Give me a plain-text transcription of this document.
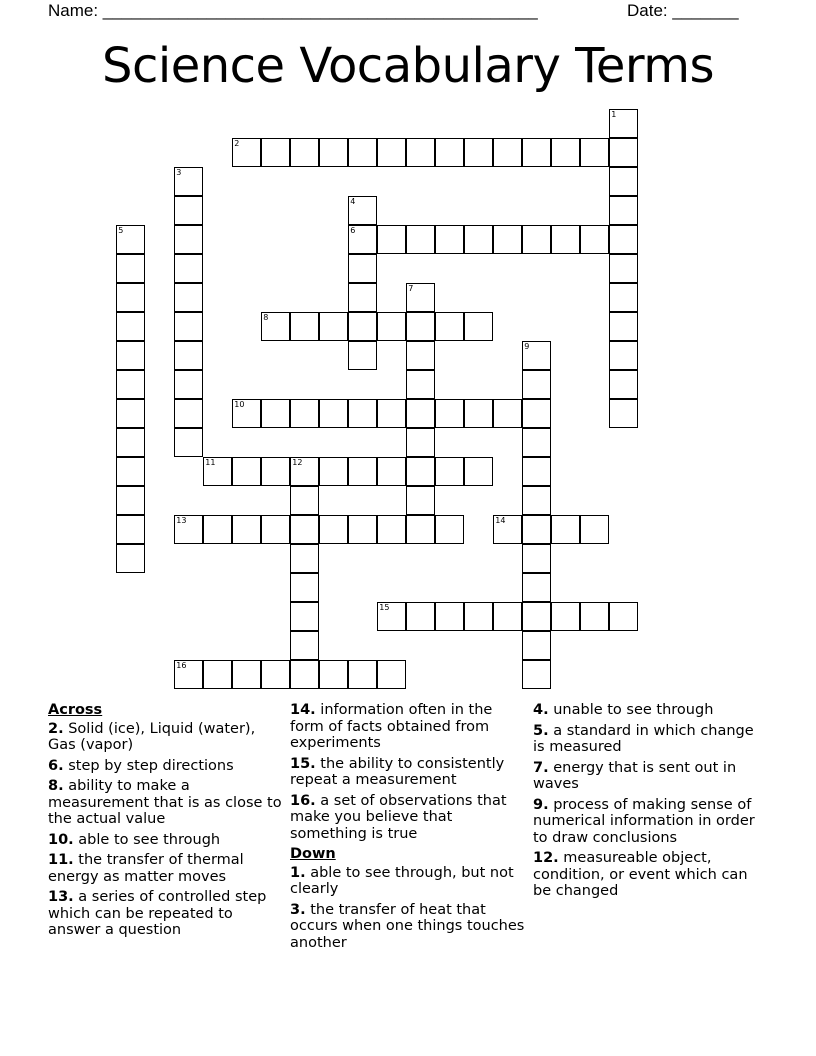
Name: ______________________________________________	Date: _______
Science Vocabulary Terms
1
2
3
4
6
5
7
8
9
10
11	12
13	14
15
16
Across
2. Solid (ice), Liquid (water), Gas (vapor)
6. step by step directions
8. ability to make a measurement that is as close to the actual value
10. able to see through
11. the transfer of thermal energy as matter moves
13. a series of controlled step which can be repeated to answer a question
14. information often in the form of facts obtained from experiments
15. the ability to consistently repeat a measurement
16. a set of observations that make you believe that something is true
Down
1. able to see through, but not clearly
3. the transfer of heat that occurs when one things touches another
4. unable to see through
5. a standard in which change is measured
7. energy that is sent out in waves
9. process of making sense of numerical information in order to draw conclusions
12. measureable object, condition, or event which can be changed
